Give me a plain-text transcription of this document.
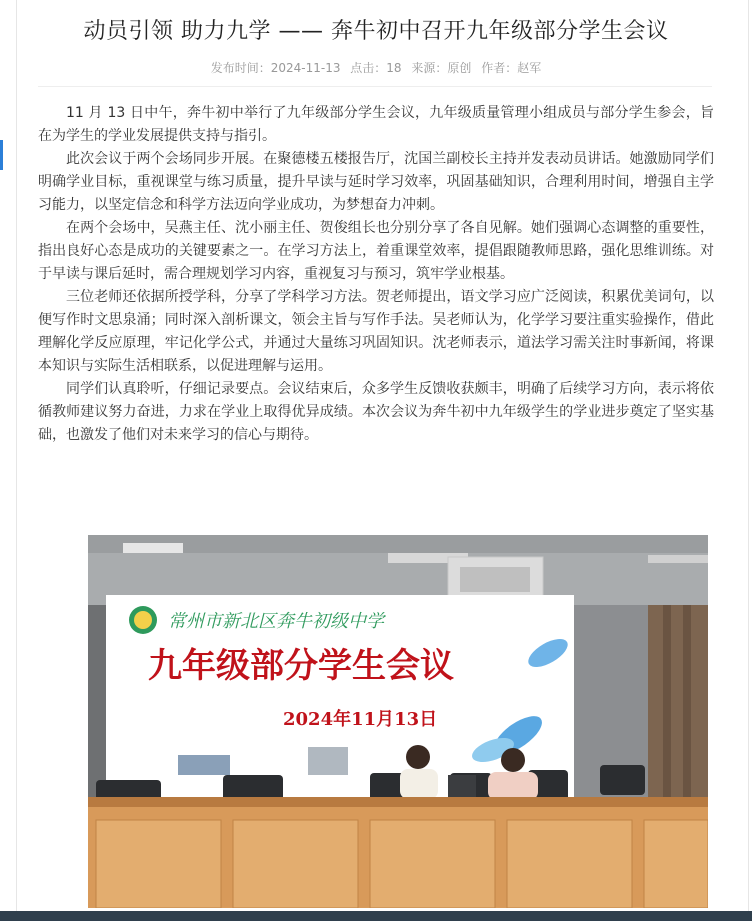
动员引领 助力九学 —— 奔牛初中召开九年级部分学生会议
发布时间：2024-11-13 点击：18 来源：原创 作者：赵军

11 月 13 日中午，奔牛初中举行了九年级部分学生会议，九年级质量管理小组成员与部分学生参会，旨在为学生的学业发展提供支持与指引。

此次会议于两个会场同步开展。在聚德楼五楼报告厅，沈国兰副校长主持并发表动员讲话。她激励同学们明确学业目标，重视课堂与练习质量，提升早读与延时学习效率，巩固基础知识，合理利用时间，增强自主学习能力，以坚定信念和科学方法迈向学业成功，为梦想奋力冲刺。

在两个会场中，吴燕主任、沈小丽主任、贺俊组长也分别分享了各自见解。她们强调心态调整的重要性，指出良好心态是成功的关键要素之一。在学习方法上，着重课堂效率，提倡跟随教师思路，强化思维训练。对于早读与课后延时，需合理规划学习内容，重视复习与预习，筑牢学业根基。

三位老师还依据所授学科，分享了学科学习方法。贺老师提出，语文学习应广泛阅读，积累优美词句，以便写作时文思泉涌；同时深入剖析课文，领会主旨与写作手法。吴老师认为，化学学习要注重实验操作，借此理解化学反应原理，牢记化学公式，并通过大量练习巩固知识。沈老师表示，道法学习需关注时事新闻，将课本知识与实际生活相联系，以促进理解与运用。

同学们认真聆听，仔细记录要点。会议结束后，众多学生反馈收获颇丰，明确了后续学习方向，表示将依循教师建议努力奋进，力求在学业上取得优异成绩。本次会议为奔牛初中九年级学生的学业进步奠定了坚实基础，也激发了他们对未来学习的信心与期待。

常州市新北区奔牛初级中学
九年级部分学生会议
2024年11月13日
